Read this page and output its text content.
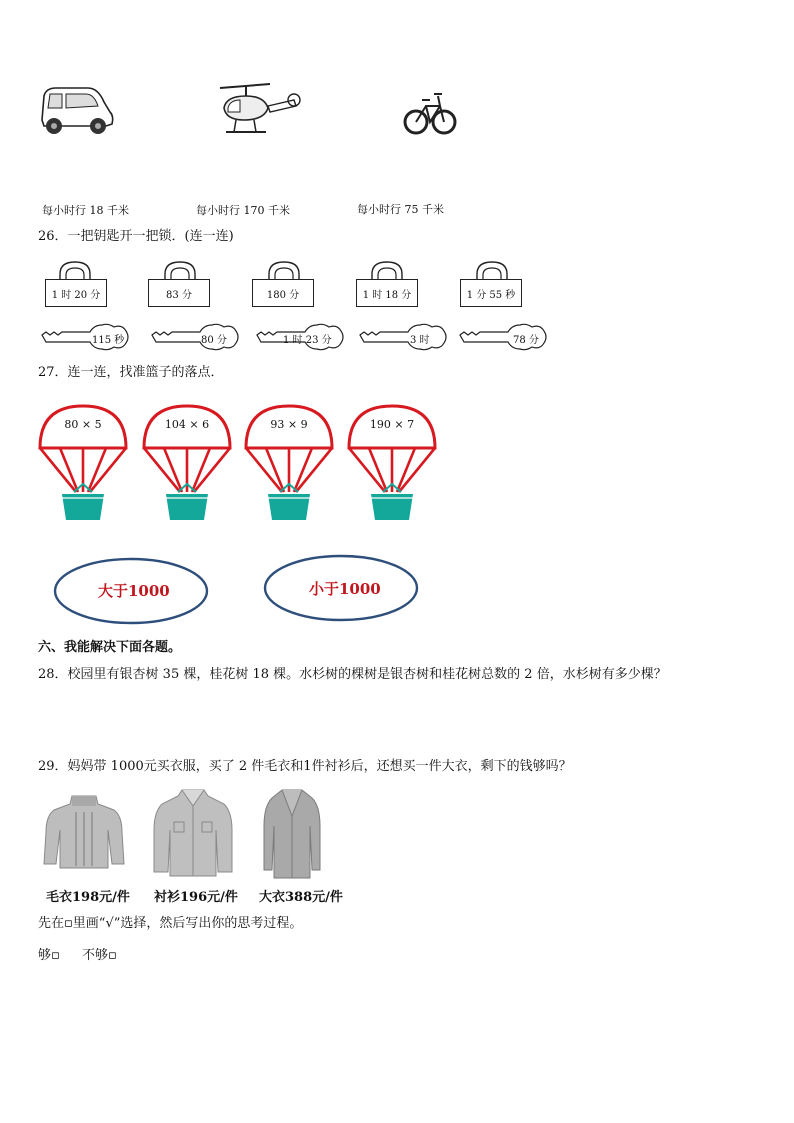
每小时行 18 千米	每小时行 170 千米	每小时行 75 千米
26．一把钥匙开一把锁．(连一连)
1 时 20 分	83 分	180 分	1 时 18 分	1 分 55 秒
115 秒	80 分	1 时 23 分	3 时	78 分
27．连一连，找准篮子的落点．
80 × 5	104 × 6	93 × 9	190 × 7
大于1000	小于1000
六、我能解决下面各题。
28．校园里有银杏树 35 棵，桂花树 18 棵。水杉树的棵树是银杏树和桂花树总数的 2 倍，水杉树有多少棵？
29．妈妈带 1000元买衣服，买了 2 件毛衣和1件衬衫后，还想买一件大衣，剩下的钱够吗？
毛衣198元/件 衬衫196元/件 大衣388元/件
先在▫里画“√”选择，然后写出你的思考过程。
够▫ 不够▫
